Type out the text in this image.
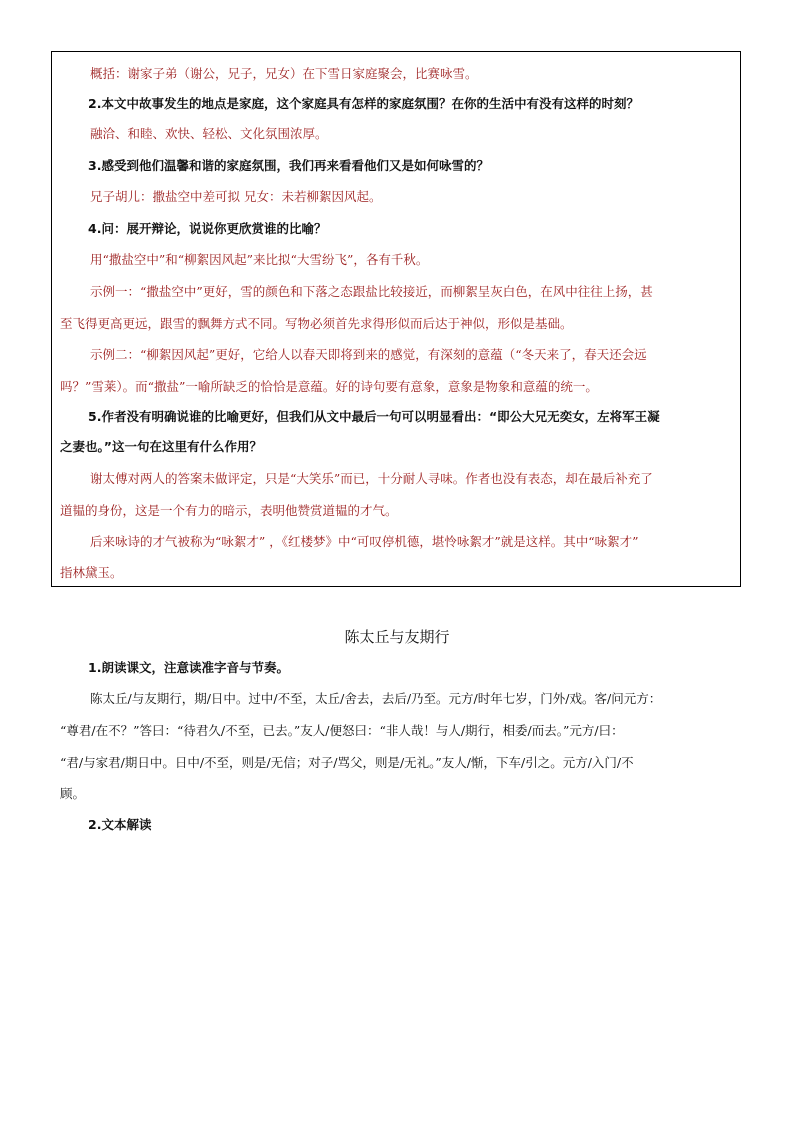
概括：谢家子弟（谢公，兄子，兄女）在下雪日家庭聚会，比赛咏雪。

2.本文中故事发生的地点是家庭，这个家庭具有怎样的家庭氛围？在你的生活中有没有这样的时刻？

融洽、和睦、欢快、轻松、文化氛围浓厚。

3.感受到他们温馨和谐的家庭氛围，我们再来看看他们又是如何咏雪的？

兄子胡儿：撒盐空中差可拟 兄女：未若柳絮因风起。

4.问：展开辩论，说说你更欣赏谁的比喻？

用“撒盐空中”和“柳絮因风起”来比拟“大雪纷飞”，各有千秋。

示例一：“撒盐空中”更好，雪的颜色和下落之态跟盐比较接近，而柳絮呈灰白色，在风中往往上扬，甚

至飞得更高更远，跟雪的飘舞方式不同。写物必须首先求得形似而后达于神似，形似是基础。

示例二：“柳絮因风起”更好，它给人以春天即将到来的感觉，有深刻的意蕴（“冬天来了，春天还会远

吗？”雪莱）。而“撒盐”一喻所缺乏的恰恰是意蕴。好的诗句要有意象，意象是物象和意蕴的统一。

5.作者没有明确说谁的比喻更好，但我们从文中最后一句可以明显看出：“即公大兄无奕女，左将军王凝

之妻也。”这一句在这里有什么作用？

谢太傅对两人的答案未做评定，只是“大笑乐”而已，十分耐人寻味。作者也没有表态，却在最后补充了

道韫的身份，这是一个有力的暗示，表明他赞赏道韫的才气。

后来咏诗的才气被称为“咏絮才” ，《红楼梦》中“可叹停机德，堪怜咏絮才”就是这样。其中“咏絮才”

指林黛玉。

陈太丘与友期行

1.朗读课文，注意读准字音与节奏。

陈太丘/与友期行，期/日中。过中/不至，太丘/舍去，去后/乃至。元方/时年七岁，门外/戏。客/问元方：

“尊君/在不？”答曰：“待君久/不至，已去。”友人/便怒曰：“非人哉！与人/期行，相委/而去。”元方/曰：

“君/与家君/期日中。日中/不至，则是/无信；对子/骂父，则是/无礼。”友人/惭，下车/引之。元方/入门/不

顾。

2.文本解读
